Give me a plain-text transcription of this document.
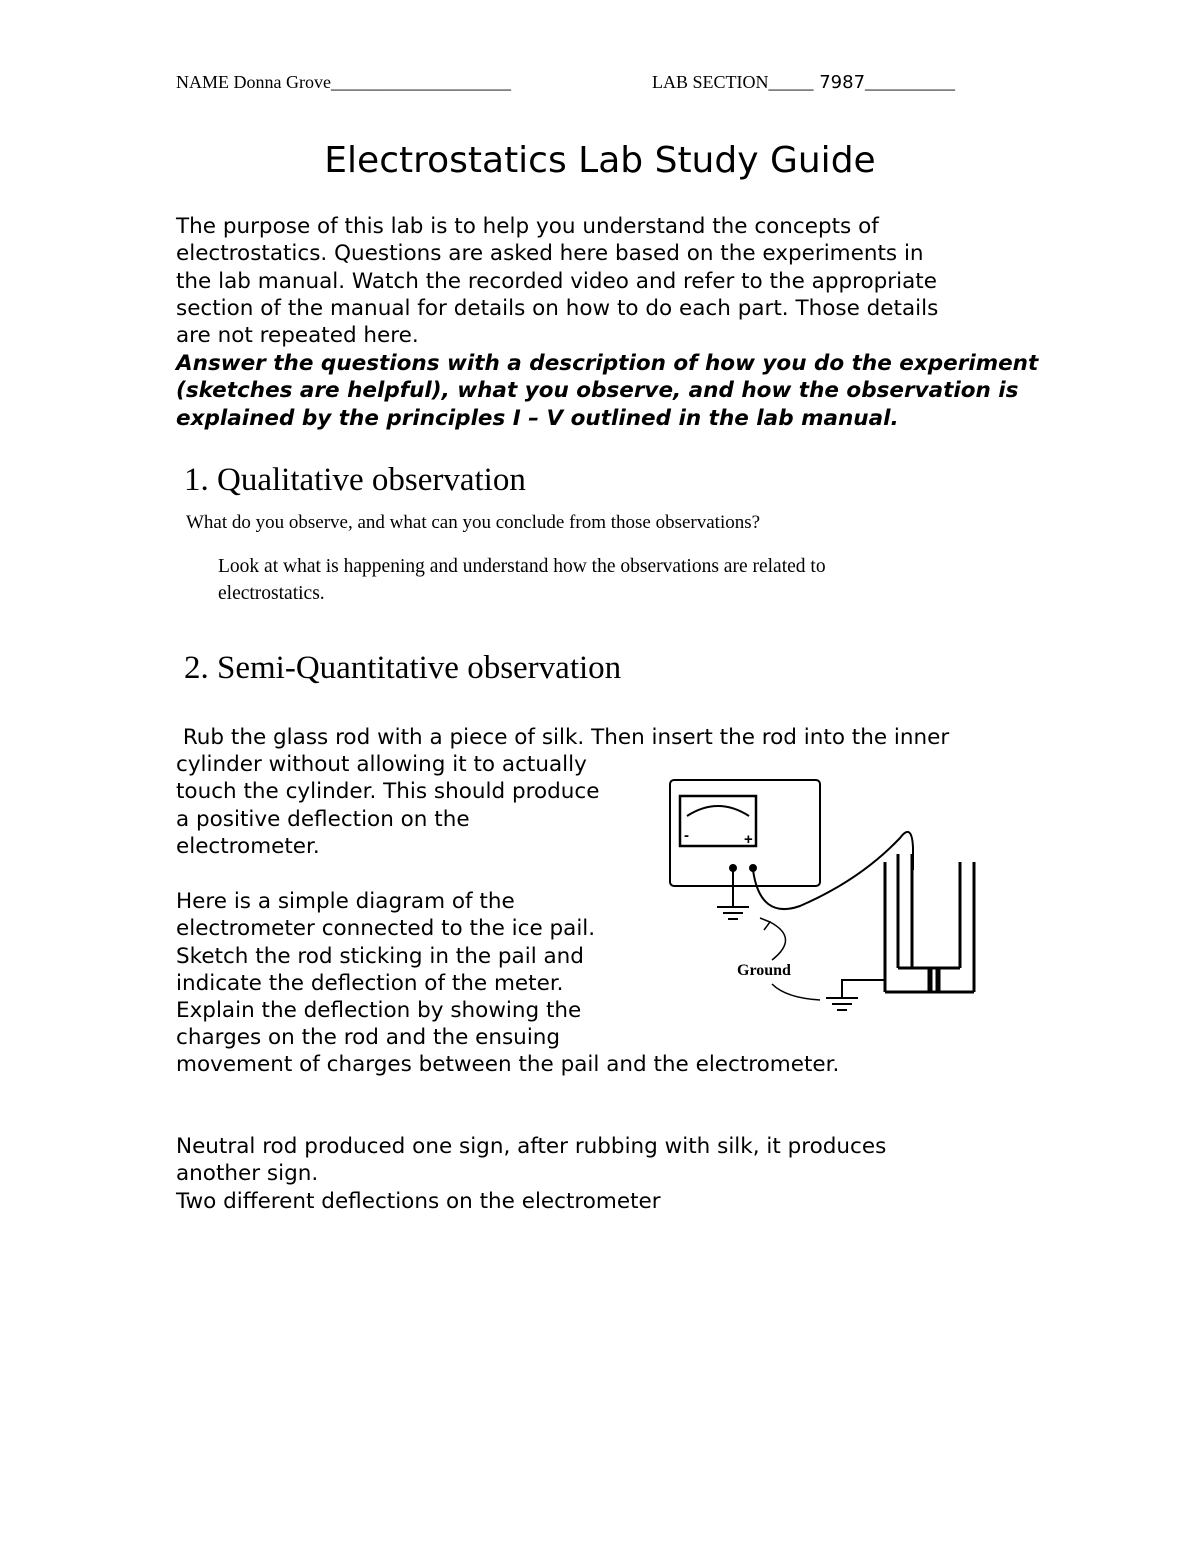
NAME Donna Grove____________________	LAB SECTION_____ 7987__________
Electrostatics Lab Study Guide
The purpose of this lab is to help you understand the concepts of
electrostatics. Questions are asked here based on the experiments in
the lab manual. Watch the recorded video and refer to the appropriate
section of the manual for details on how to do each part. Those details
are not repeated here.
Answer the questions with a description of how you do the experiment
(sketches are helpful), what you observe, and how the observation is
explained by the principles I – V outlined in the lab manual.
1. Qualitative observation
What do you observe, and what can you conclude from those observations?
Look at what is happening and understand how the observations are related to
electrostatics.
2. Semi-Quantitative observation
Rub the glass rod with a piece of silk. Then insert the rod into the inner
cylinder without allowing it to actually
touch the cylinder. This should produce
a positive deflection on the
electrometer.
Here is a simple diagram of the
electrometer connected to the ice pail.
Sketch the rod sticking in the pail and
indicate the deflection of the meter.
Explain the deflection by showing the
charges on the rod and the ensuing
movement of charges between the pail and the electrometer.
-	+
Ground
Neutral rod produced one sign, after rubbing with silk, it produces
another sign.
Two different deflections on the electrometer
